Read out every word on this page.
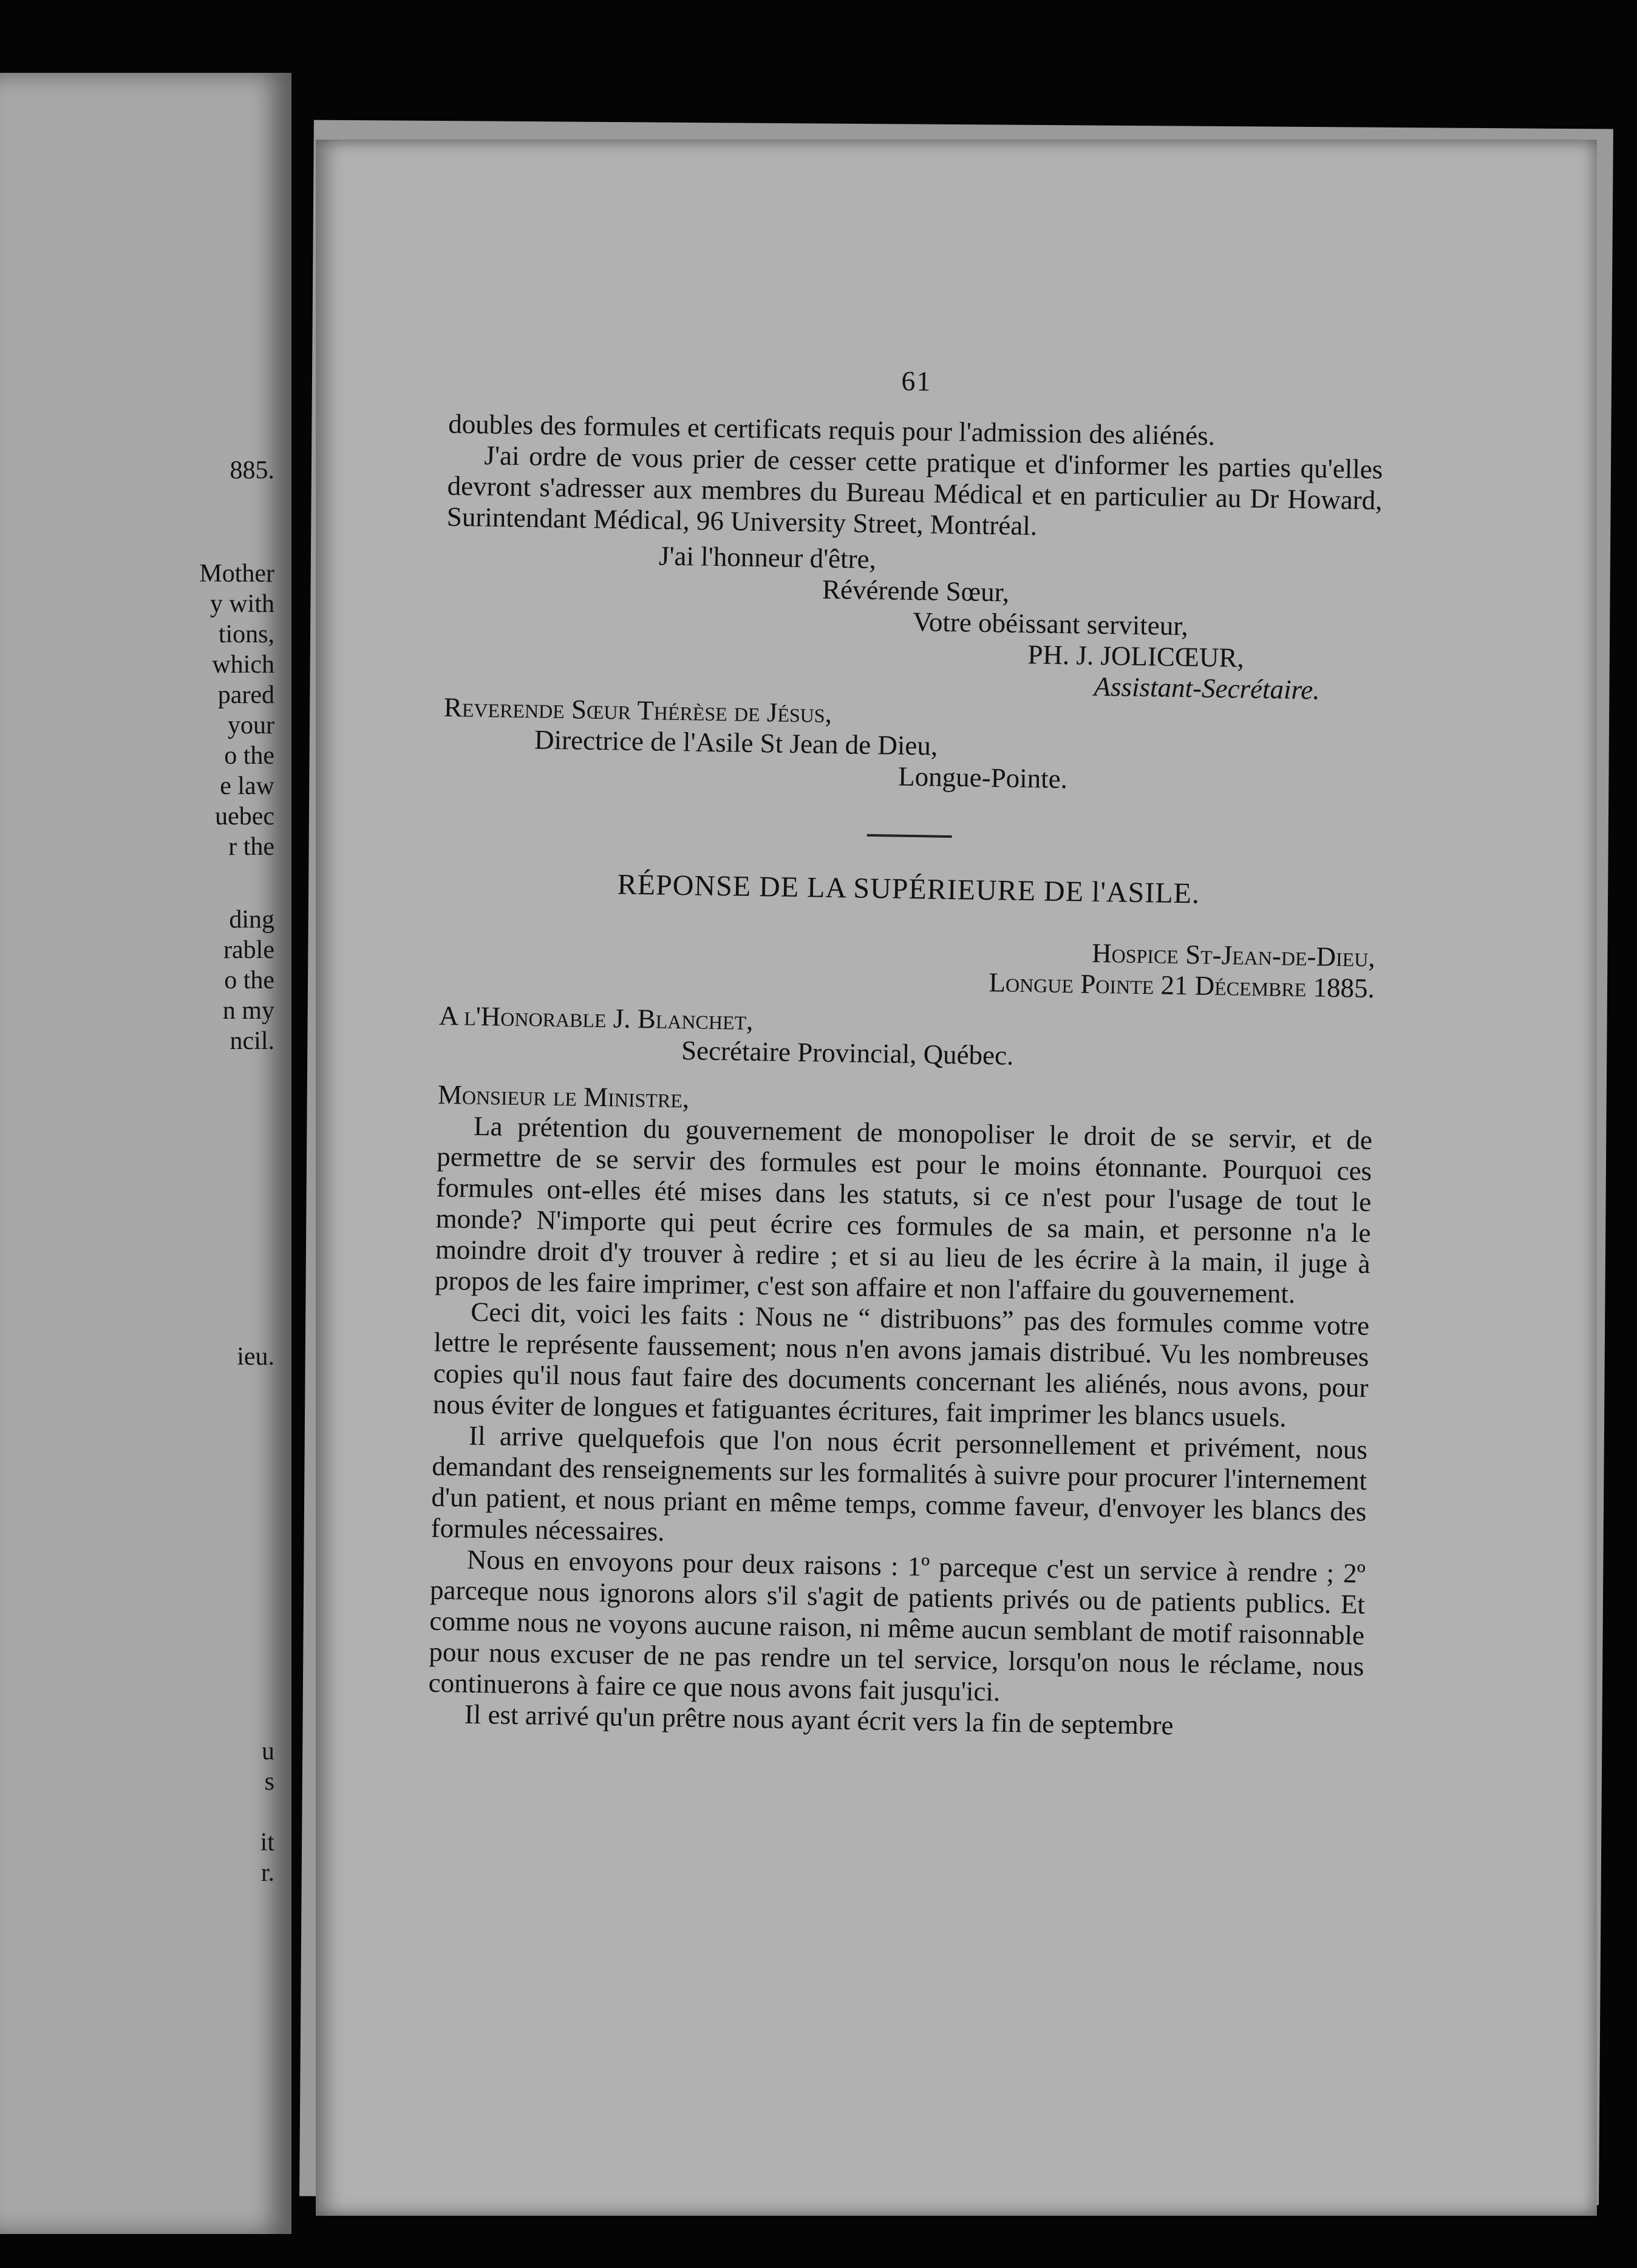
885.
Mother
y with
tions,
which
pared
your
o the
e law
uebec
r the
ding
rable
o the
n my
ncil.
ieu.
u
s
it
r.
61

doubles des formules et certificats requis pour l'admission des aliénés.

J'ai ordre de vous prier de cesser cette pratique et d'informer les parties qu'elles devront s'adresser aux membres du Bureau Médical et en particulier au Dr Howard, Surintendant Médical, 96 University Street, Montréal.

J'ai l'honneur d'être,
Révérende Sœur,
Votre obéissant serviteur,
PH. J. JOLICŒUR,
Assistant-Secrétaire.
Reverende Sœur Thérèse de Jésus,
Directrice de l'Asile St Jean de Dieu,
Longue-Pointe.
RÉPONSE DE LA SUPÉRIEURE DE l'ASILE.
Hospice St-Jean-de-Dieu,
Longue Pointe 21 Décembre 1885.
A l'Honorable J. Blanchet,
Secrétaire Provincial, Québec.
Monsieur le Ministre,

La prétention du gouvernement de monopoliser le droit de se servir, et de permettre de se servir des formules est pour le moins étonnante. Pourquoi ces formules ont-elles été mises dans les statuts, si ce n'est pour l'usage de tout le monde? N'importe qui peut écrire ces formules de sa main, et personne n'a le moindre droit d'y trouver à redire ; et si au lieu de les écrire à la main, il juge à propos de les faire imprimer, c'est son affaire et non l'affaire du gouvernement.

Ceci dit, voici les faits : Nous ne “ distribuons” pas des formules comme votre lettre le représente faussement; nous n'en avons jamais distribué. Vu les nombreuses copies qu'il nous faut faire des documents concernant les aliénés, nous avons, pour nous éviter de longues et fatiguantes écritures, fait imprimer les blancs usuels.

Il arrive quelquefois que l'on nous écrit personnellement et privément, nous demandant des renseignements sur les formalités à suivre pour procurer l'internement d'un patient, et nous priant en même temps, comme faveur, d'envoyer les blancs des formules nécessaires.

Nous en envoyons pour deux raisons : 1º parceque c'est un service à rendre ; 2º parceque nous ignorons alors s'il s'agit de patients privés ou de patients publics. Et comme nous ne voyons aucune raison, ni même aucun semblant de motif raisonnable pour nous excuser de ne pas rendre un tel service, lorsqu'on nous le réclame, nous continuerons à faire ce que nous avons fait jusqu'ici.

Il est arrivé qu'un prêtre nous ayant écrit vers la fin de septembre
